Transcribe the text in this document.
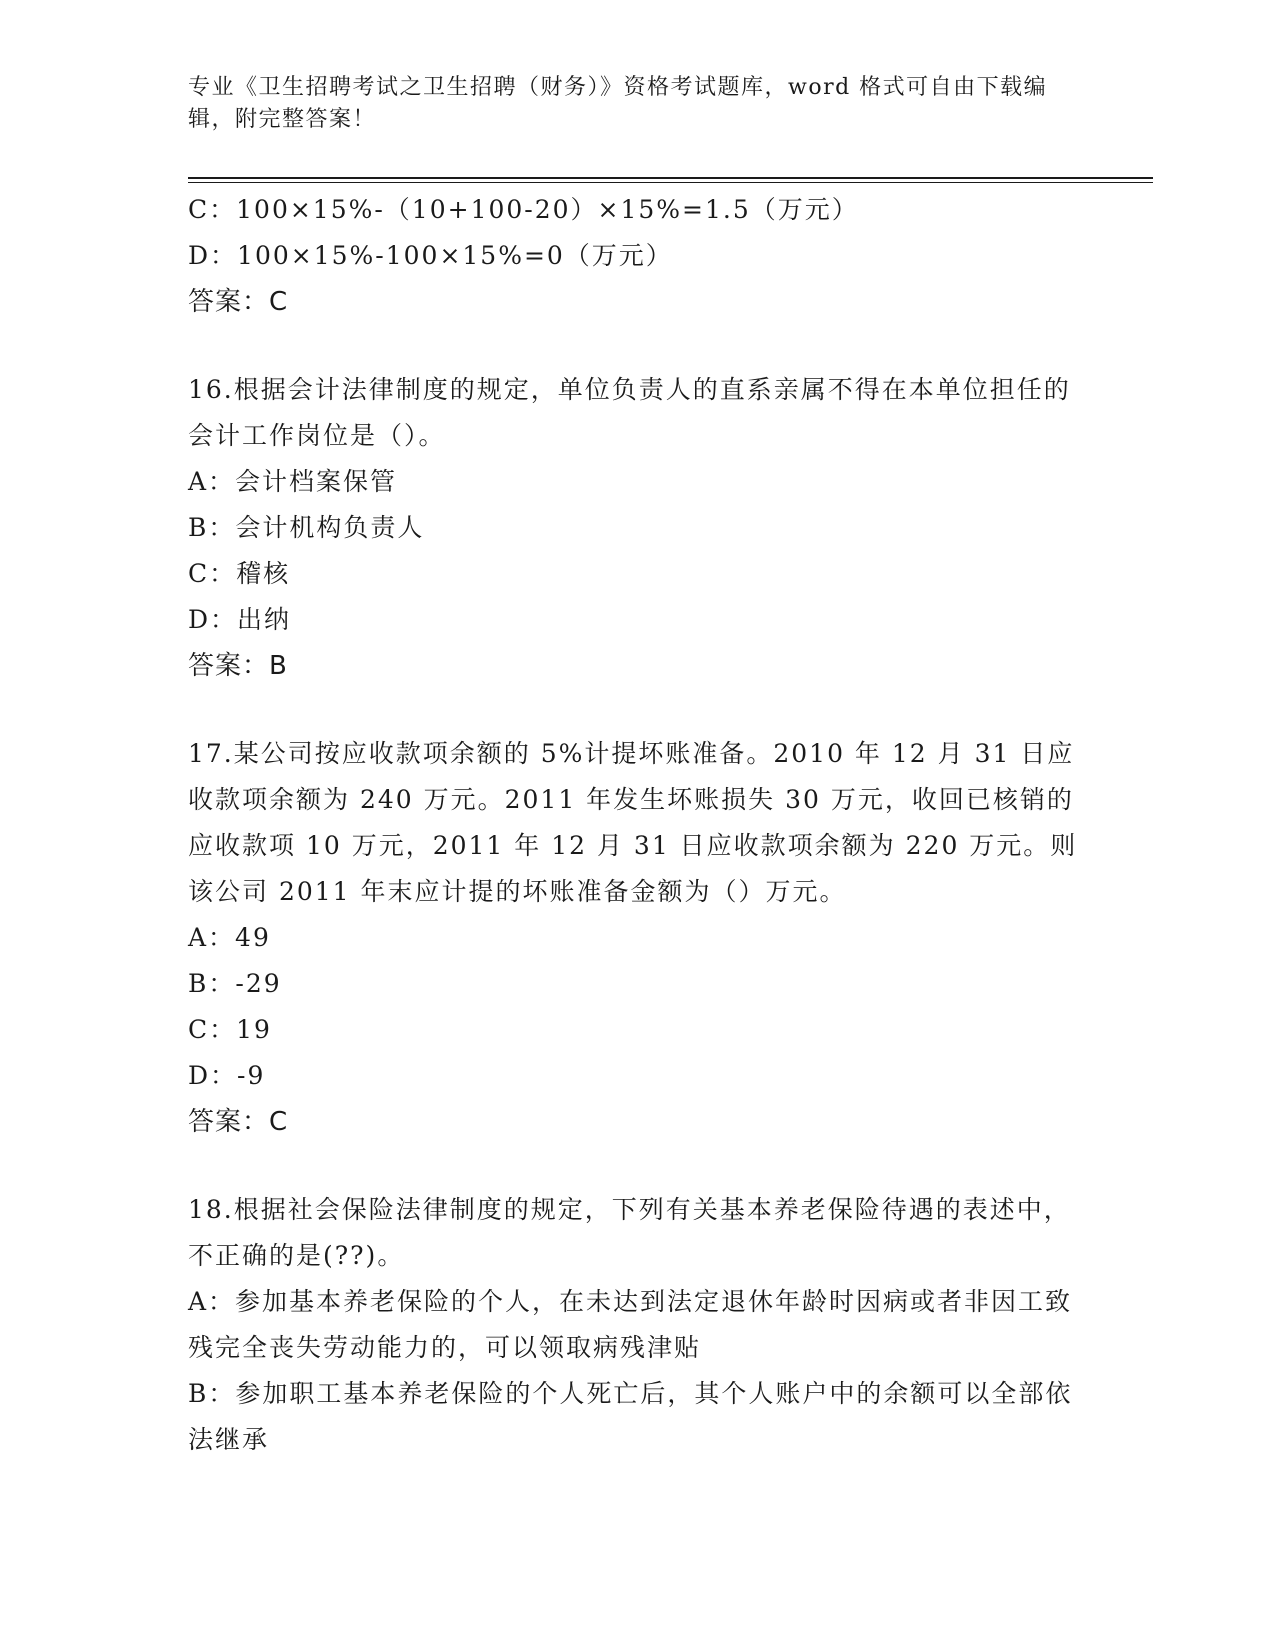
专业《卫生招聘考试之卫生招聘（财务）》资格考试题库，word 格式可自由下载编辑，附完整答案！

C：100×15%-（10+100-20）×15%=1.5（万元）

D：100×15%-100×15%=0（万元）

答案：C

16.根据会计法律制度的规定，单位负责人的直系亲属不得在本单位担任的会计工作岗位是（）。

A：会计档案保管

B：会计机构负责人

C：稽核

D：出纳

答案：B

17.某公司按应收款项余额的 5%计提坏账准备。2010 年 12 月 31 日应收款项余额为 240 万元。2011 年发生坏账损失 30 万元，收回已核销的应收款项 10 万元，2011 年 12 月 31 日应收款项余额为 220 万元。则该公司 2011 年末应计提的坏账准备金额为（）万元。

A：49

B：-29

C：19

D：-9

答案：C

18.根据社会保险法律制度的规定，下列有关基本养老保险待遇的表述中，不正确的是(??)。

A：参加基本养老保险的个人，在未达到法定退休年龄时因病或者非因工致残完全丧失劳动能力的，可以领取病残津贴

B：参加职工基本养老保险的个人死亡后，其个人账户中的余额可以全部依法继承
